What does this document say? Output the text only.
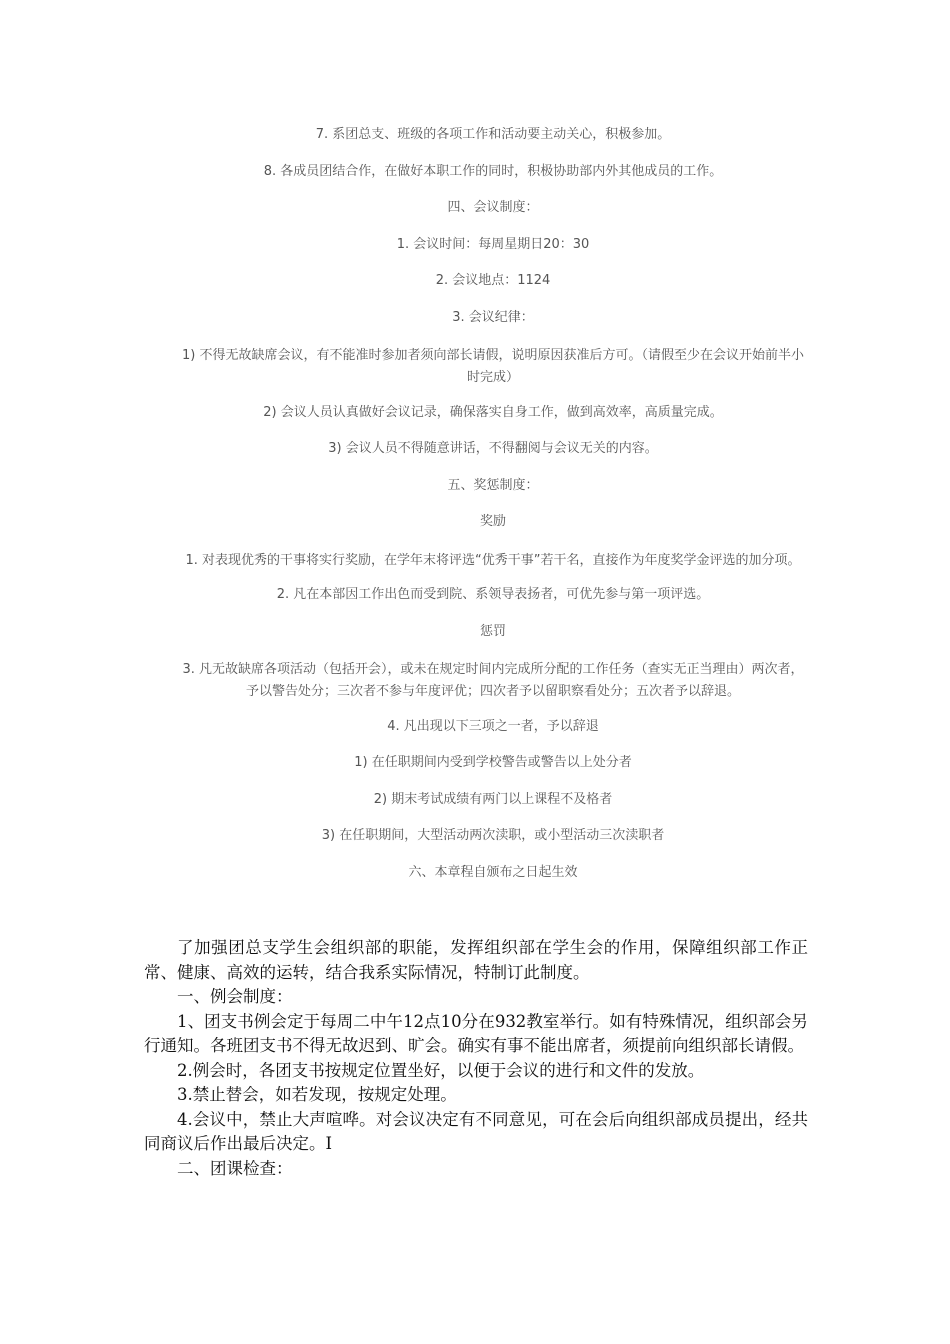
7. 系团总支、班级的各项工作和活动要主动关心，积极参加。

8. 各成员团结合作，在做好本职工作的同时，积极协助部内外其他成员的工作。

四、会议制度：

1. 会议时间：每周星期日20：30

2. 会议地点：1124

3. 会议纪律：

1) 不得无故缺席会议，有不能准时参加者须向部长请假，说明原因获准后方可。（请假至少在会议开始前半小时完成）

2) 会议人员认真做好会议记录，确保落实自身工作，做到高效率，高质量完成。

3) 会议人员不得随意讲话，不得翻阅与会议无关的内容。

五、奖惩制度：

奖励

1. 对表现优秀的干事将实行奖励，在学年末将评选“优秀干事”若干名，直接作为年度奖学金评选的加分项。

2. 凡在本部因工作出色而受到院、系领导表扬者，可优先参与第一项评选。

惩罚

3. 凡无故缺席各项活动（包括开会），或未在规定时间内完成所分配的工作任务（查实无正当理由）两次者，予以警告处分；三次者不参与年度评优；四次者予以留职察看处分；五次者予以辞退。

4. 凡出现以下三项之一者，予以辞退

1) 在任职期间内受到学校警告或警告以上处分者

2) 期末考试成绩有两门以上课程不及格者

3) 在任职期间，大型活动两次渎职，或小型活动三次渎职者

六、本章程自颁布之日起生效

了加强团总支学生会组织部的职能，发挥组织部在学生会的作用，保障组织部工作正常、健康、高效的运转，结合我系实际情况，特制订此制度。

一、例会制度：

1、团支书例会定于每周二中午12点10分在932教室举行。如有特殊情况，组织部会另行通知。各班团支书不得无故迟到、旷会。确实有事不能出席者，须提前向组织部长请假。

2.例会时，各团支书按规定位置坐好，以便于会议的进行和文件的发放。

3.禁止替会，如若发现，按规定处理。

4.会议中，禁止大声喧哗。对会议决定有不同意见，可在会后向组织部成员提出，经共同商议后作出最后决定。I

二、团课检查：
